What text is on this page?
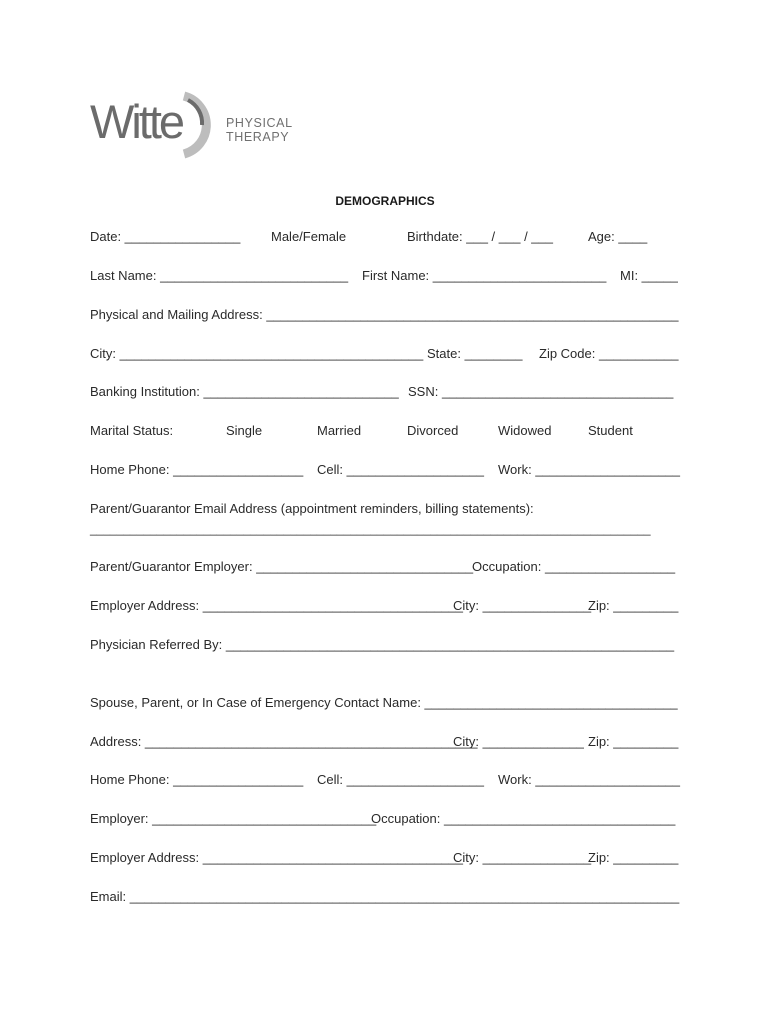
Witte	PHYSICAL
THERAPY
DEMOGRAPHICS
Date: ________________ Male/Female	Birthdate: ___ / ___ / ___	Age: ____
Last Name: __________________________ First Name: ________________________ MI: _____
Physical and Mailing Address: _________________________________________________________
City: __________________________________________ State: ________ Zip Code: ___________
Banking Institution: ___________________________ SSN: ________________________________
Marital Status:	Single	Married	Divorced	Widowed	Student
Home Phone: __________________ Cell: ___________________ Work: ____________________
Parent/Guarantor Email Address (appointment reminders, billing statements):
____________________________________________________________________________________
Parent/Guarantor Employer: ______________________________
Occupation: __________________
Employer Address: ____________________________________
City: _______________
Zip: _________
Physician Referred By: ______________________________________________________________
Spouse, Parent, or In Case of Emergency Contact Name: ___________________________________
Address: ______________________________________________
City: ______________ Zip: _________
Home Phone: __________________ Cell: ___________________ Work: ____________________
Employer: _______________________________
Occupation: ________________________________
Employer Address: ____________________________________
City: _______________
Zip: _________
Email: ____________________________________________________________________________
